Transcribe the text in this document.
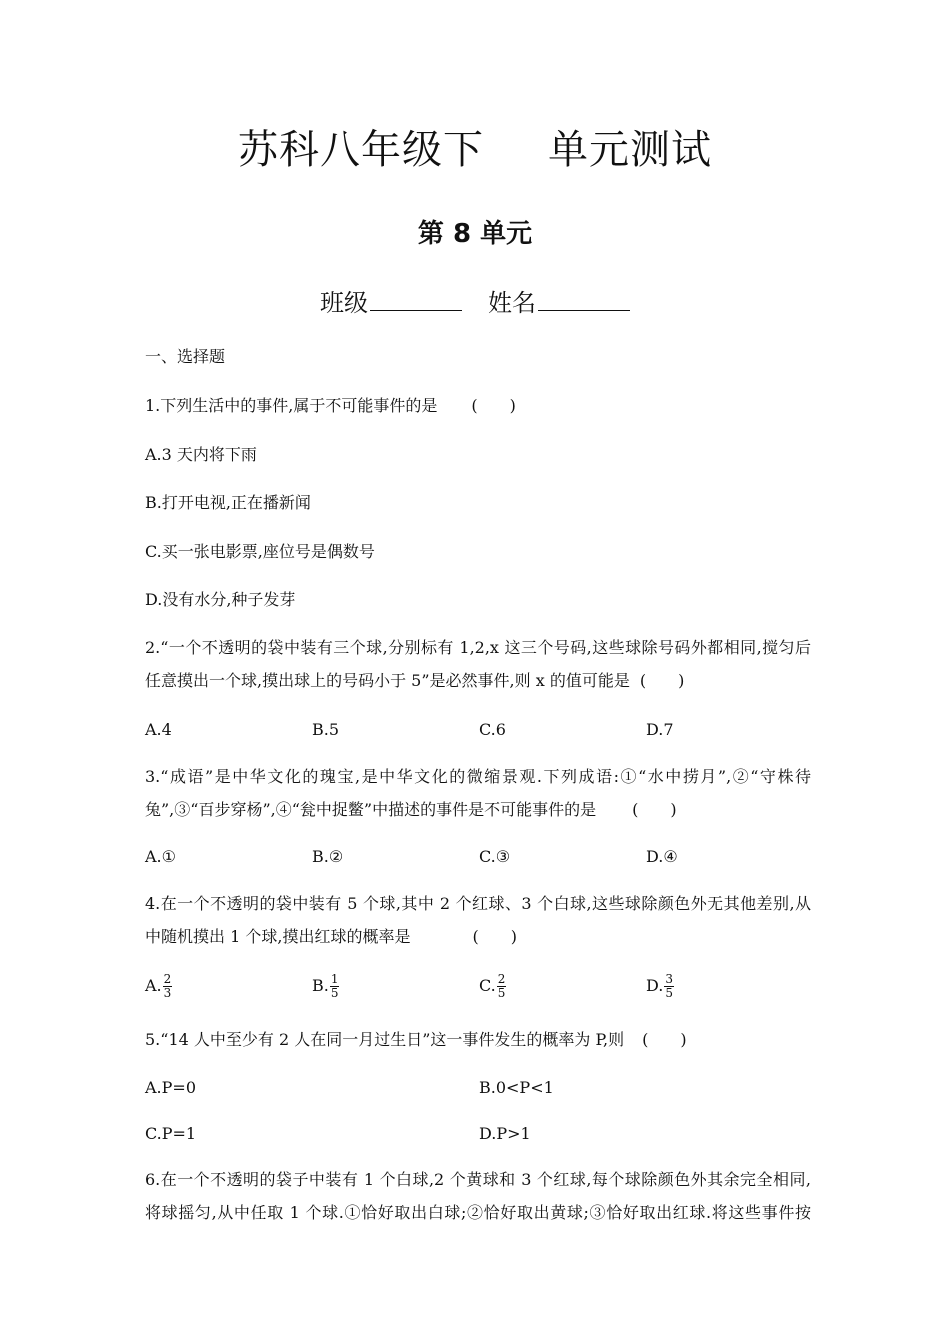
苏科八年级下 单元测试
第 8 单元
班级	姓名
一、选择题
1.下列生活中的事件,属于不可能事件的是 (　　)
A.3 天内将下雨
B.打开电视,正在播新闻
C.买一张电影票,座位号是偶数号
D.没有水分,种子发芽
2.“一个不透明的袋中装有三个球,分别标有 1,2,x 这三个号码,这些球除号码外都相同,搅匀后
任意摸出一个球,摸出球上的号码小于 5”是必然事件,则 x 的值可能是 (　　)
A.4	B.5	C.6	D.7
3.“成语”是中华文化的瑰宝,是中华文化的微缩景观.下列成语:①“水中捞月”,②“守株待
兔”,③“百步穿杨”,④“瓮中捉鳖”中描述的事件是不可能事件的是 (　　)
A.①	B.②	C.③	D.④
4.在一个不透明的袋中装有 5 个球,其中 2 个红球、3 个白球,这些球除颜色外无其他差别,从
中随机摸出 1 个球,摸出红球的概率是	(　　)
A. $\frac{2}{3}$	B. $\frac{1}{5}$	C. $\frac{2}{5}$	D. $\frac{3}{5}$
5.“14 人中至少有 2 人在同一月过生日”这一事件发生的概率为 P,则 (　　)
A.P=0	B.0<P<1
C.P=1	D.P>1
6.在一个不透明的袋子中装有 1 个白球,2 个黄球和 3 个红球,每个球除颜色外其余完全相同,
将球摇匀,从中任取 1 个球.①恰好取出白球;②恰好取出黄球;③恰好取出红球.将这些事件按
